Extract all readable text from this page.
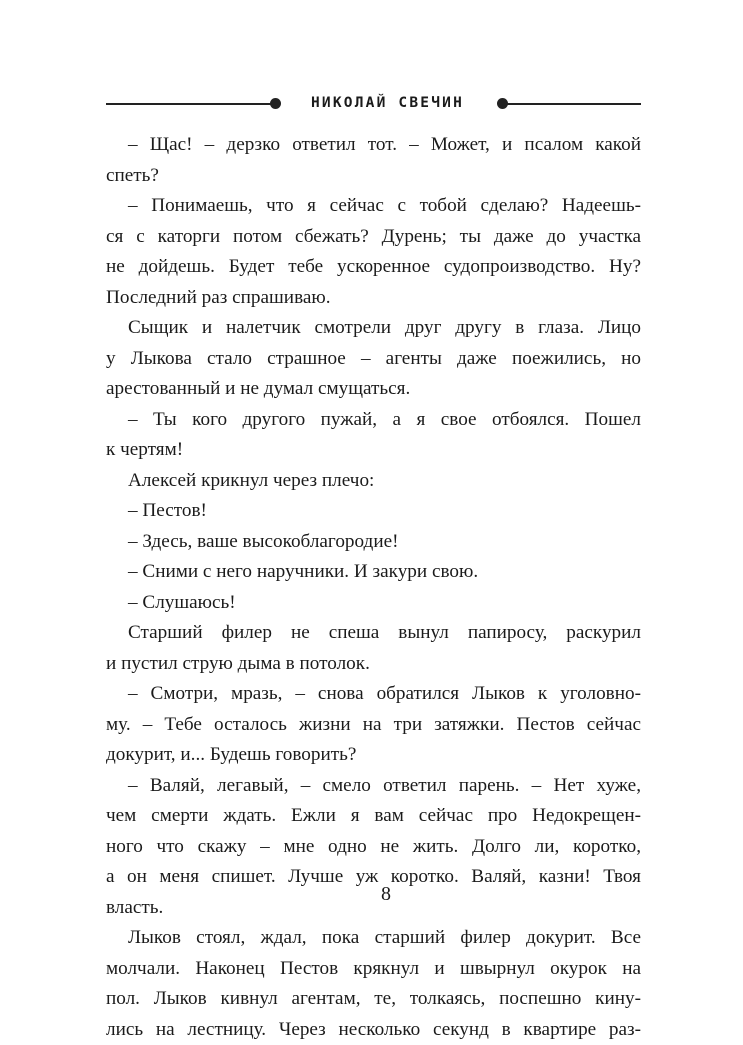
НИКОЛАЙ СВЕЧИН
– Щас! – дерзко ответил тот. – Может, и псалом какой
спеть?
– Понимаешь, что я сейчас с тобой сделаю? Надеешь-
ся с каторги потом сбежать? Дурень; ты даже до участка
не дойдешь. Будет тебе ускоренное судопроизводство. Ну?
Последний раз спрашиваю.
Сыщик и налетчик смотрели друг другу в глаза. Лицо
у Лыкова стало страшное – агенты даже поежились, но
арестованный и не думал смущаться.
– Ты кого другого пужай, а я свое отбоялся. Пошел
к чертям!
Алексей крикнул через плечо:
– Пестов!
– Здесь, ваше высокоблагородие!
– Сними с него наручники. И закури свою.
– Слушаюсь!
Старший филер не спеша вынул папиросу, раскурил
и пустил струю дыма в потолок.
– Смотри, мразь, – снова обратился Лыков к уголовно-
му. – Тебе осталось жизни на три затяжки. Пестов сейчас
докурит, и... Будешь говорить?
– Валяй, легавый, – смело ответил парень. – Нет хуже,
чем смерти ждать. Ежли я вам сейчас про Недокрещен-
ного что скажу – мне одно не жить. Долго ли, коротко,
а он меня спишет. Лучше уж коротко. Валяй, казни! Твоя
власть.
Лыков стоял, ждал, пока старший филер докурит. Все
молчали. Наконец Пестов крякнул и швырнул окурок на
пол. Лыков кивнул агентам, те, толкаясь, поспешно кину-
лись на лестницу. Через несколько секунд в квартире раз-
8
